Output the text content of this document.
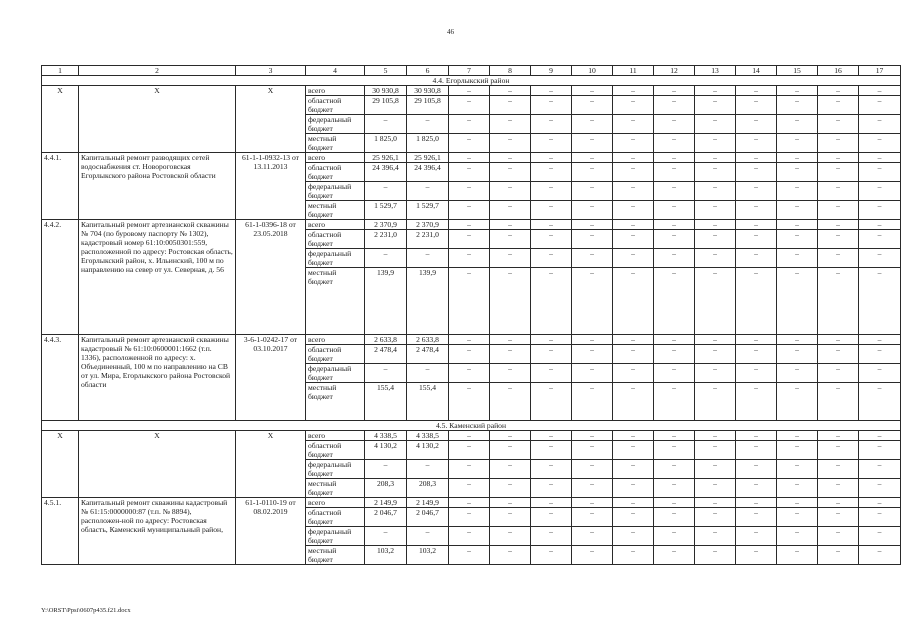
46
1	2	3	4	5	6	7	8	9	10	11	12	13	14	15	16	17
4.4. Егорлыкский район																
X	X	X	всего	30 930,8	30 930,8	–	–	–	–	–	–	–	–	–	–	–
			областной бюджет	29 105,8	29 105,8	–	–	–	–	–	–	–	–	–	–	–
			федеральный бюджет	–	–	–	–	–	–	–	–	–	–	–	–	–
			местный бюджет	1 825,0	1 825,0	–	–	–	–	–	–	–	–	–	–	–
4.4.1.	Капитальный ремонт разводящих сетей водоснабжения ст. Новороговская Егорлыкского района Ростовской области	61-1-1-0932-13 от 13.11.2013	всего	25 926,1	25 926,1	–	–	–	–	–	–	–	–	–	–	–
			областной бюджет	24 396,4	24 396,4	–	–	–	–	–	–	–	–	–	–	–
			федеральный бюджет	–	–	–	–	–	–	–	–	–	–	–	–	–
			местный бюджет	1 529,7	1 529,7	–	–	–	–	–	–	–	–	–	–	–
4.4.2.	Капитальный ремонт артезианской скважины № 704 (по буровому паспорту № 1302), кадастровый номер 61:10:0050301:559, расположенной по адресу: Ростовская область, Егорлыкский район, х. Ильинский, 100 м по направлению на север от ул. Северная, д. 56	61-1-0396-18 от 23.05.2018	всего	2 370,9	2 370,9	–	–	–	–	–	–	–	–	–	–	–
			областной бюджет	2 231,0	2 231,0	–	–	–	–	–	–	–	–	–	–	–
			федеральный бюджет	–	–	–	–	–	–	–	–	–	–	–	–	–
			местный бюджет	139,9	139,9	–	–	–	–	–	–	–	–	–	–	–
4.4.3.	Капитальный ремонт артезианской скважины кадастровый № 61:10:0600001:1662 (т.п. 1336), расположенной по адресу: х. Объединенный, 100 м по направлению на СВ от ул. Мира, Егорлыкского района Ростовской области	3-6-1-0242-17 от 03.10.2017	всего	2 633,8	2 633,8	–	–	–	–	–	–	–	–	–	–	–
			областной бюджет	2 478,4	2 478,4	–	–	–	–	–	–	–	–	–	–	–
			федеральный бюджет	–	–	–	–	–	–	–	–	–	–	–	–	–
			местный бюджет	155,4	155,4	–	–	–	–	–	–	–	–	–	–	–
4.5. Каменский район																
X	X	X	всего	4 338,5	4 338,5	–	–	–	–	–	–	–	–	–	–	–
			областной бюджет	4 130,2	4 130,2	–	–	–	–	–	–	–	–	–	–	–
			федеральный бюджет	–	–	–	–	–	–	–	–	–	–	–	–	–
			местный бюджет	208,3	208,3	–	–	–	–	–	–	–	–	–	–	–
4.5.1.	Капитальный ремонт скважины кадастровый № 61:15:0000000:87 (т.п. № 8894), расположен-ной по адресу: Ростовская область, Каменский муниципальный район,	61-1-0110-19 от 08.02.2019	всего	2 149,9	2 149,9	–	–	–	–	–	–	–	–	–	–	–
			областной бюджет	2 046,7	2 046,7	–	–	–	–	–	–	–	–	–	–	–
			федеральный бюджет	–	–	–	–	–	–	–	–	–	–	–	–	–
			местный бюджет	103,2	103,2	–	–	–	–	–	–	–	–	–	–	–
Y:\ORST\Ppsi\0607p435.f21.docx
